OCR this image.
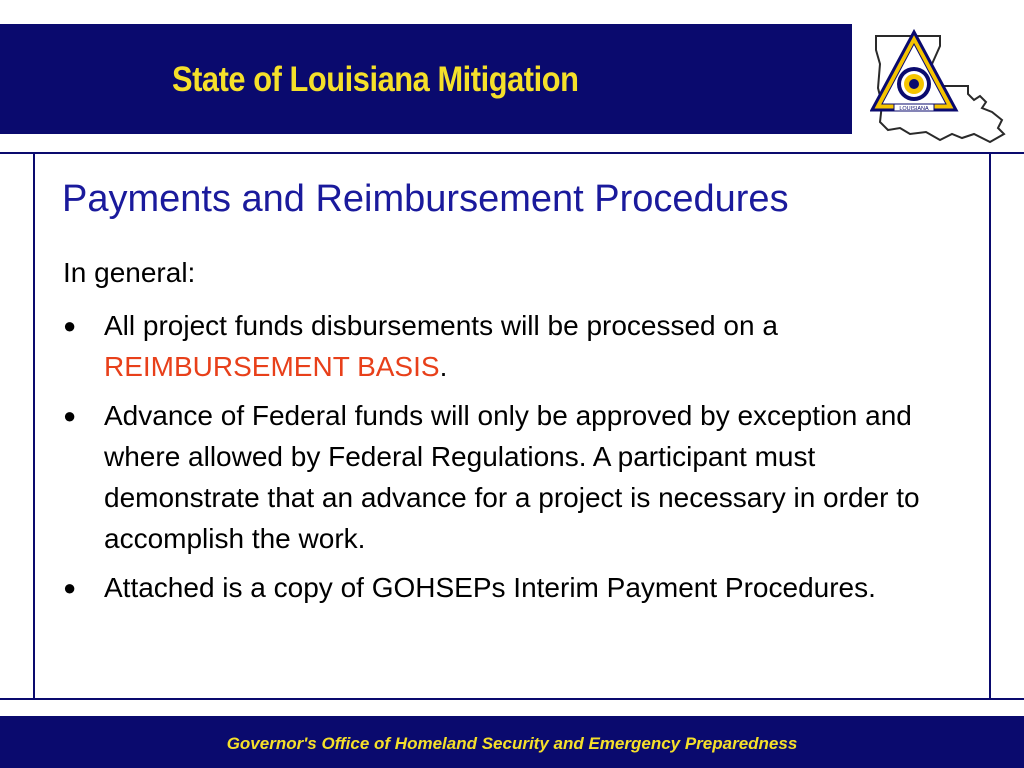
State of Louisiana Mitigation
LOUISIANA
Payments and Reimbursement Procedures
In general:
● All project funds disbursements will be processed on a
REIMBURSEMENT BASIS.
● Advance of Federal funds will only be approved by exception and where allowed by Federal Regulations. A participant must demonstrate that an advance for a project is necessary in order to accomplish the work.
● Attached is a copy of GOHSEPs Interim Payment Procedures.
Governor's Office of Homeland Security and Emergency Preparedness
